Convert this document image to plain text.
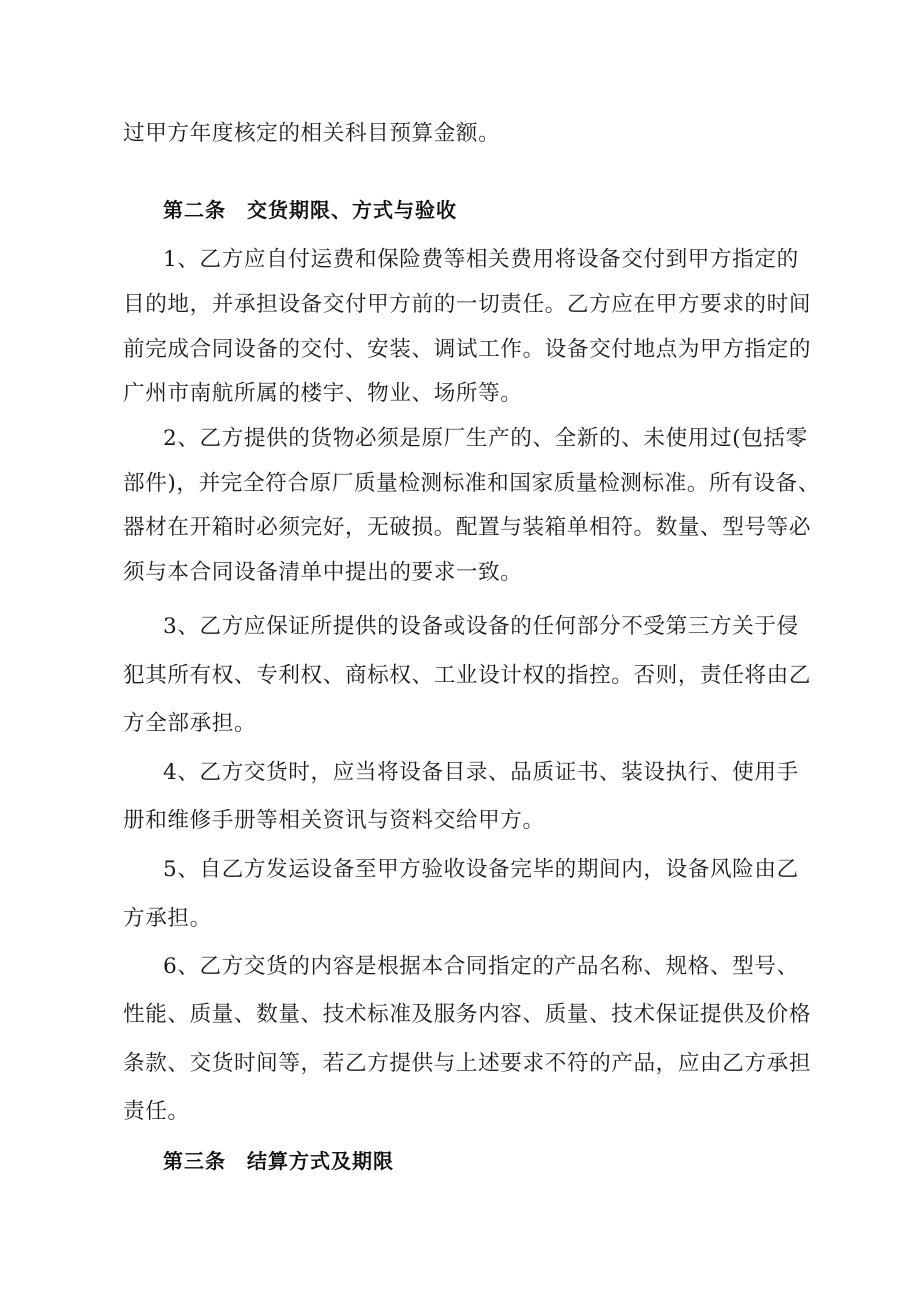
过甲方年度核定的相关科目预算金额。

第二条　交货期限、方式与验收

1、乙方应自付运费和保险费等相关费用将设备交付到甲方指定的

目的地，并承担设备交付甲方前的一切责任。乙方应在甲方要求的时间

前完成合同设备的交付、安装、调试工作。设备交付地点为甲方指定的

广州市南航所属的楼宇、物业、场所等。

2、乙方提供的货物必须是原厂生产的、全新的、未使用过(包括零

部件)，并完全符合原厂质量检测标准和国家质量检测标准。所有设备、

器材在开箱时必须完好，无破损。配置与装箱单相符。数量、型号等必

须与本合同设备清单中提出的要求一致。

3、乙方应保证所提供的设备或设备的任何部分不受第三方关于侵

犯其所有权、专利权、商标权、工业设计权的指控。否则，责任将由乙

方全部承担。

4、乙方交货时，应当将设备目录、品质证书、装设执行、使用手

册和维修手册等相关资讯与资料交给甲方。

5、自乙方发运设备至甲方验收设备完毕的期间内，设备风险由乙

方承担。

6、乙方交货的内容是根据本合同指定的产品名称、规格、型号、

性能、质量、数量、技术标准及服务内容、质量、技术保证提供及价格

条款、交货时间等，若乙方提供与上述要求不符的产品，应由乙方承担

责任。

第三条　结算方式及期限
